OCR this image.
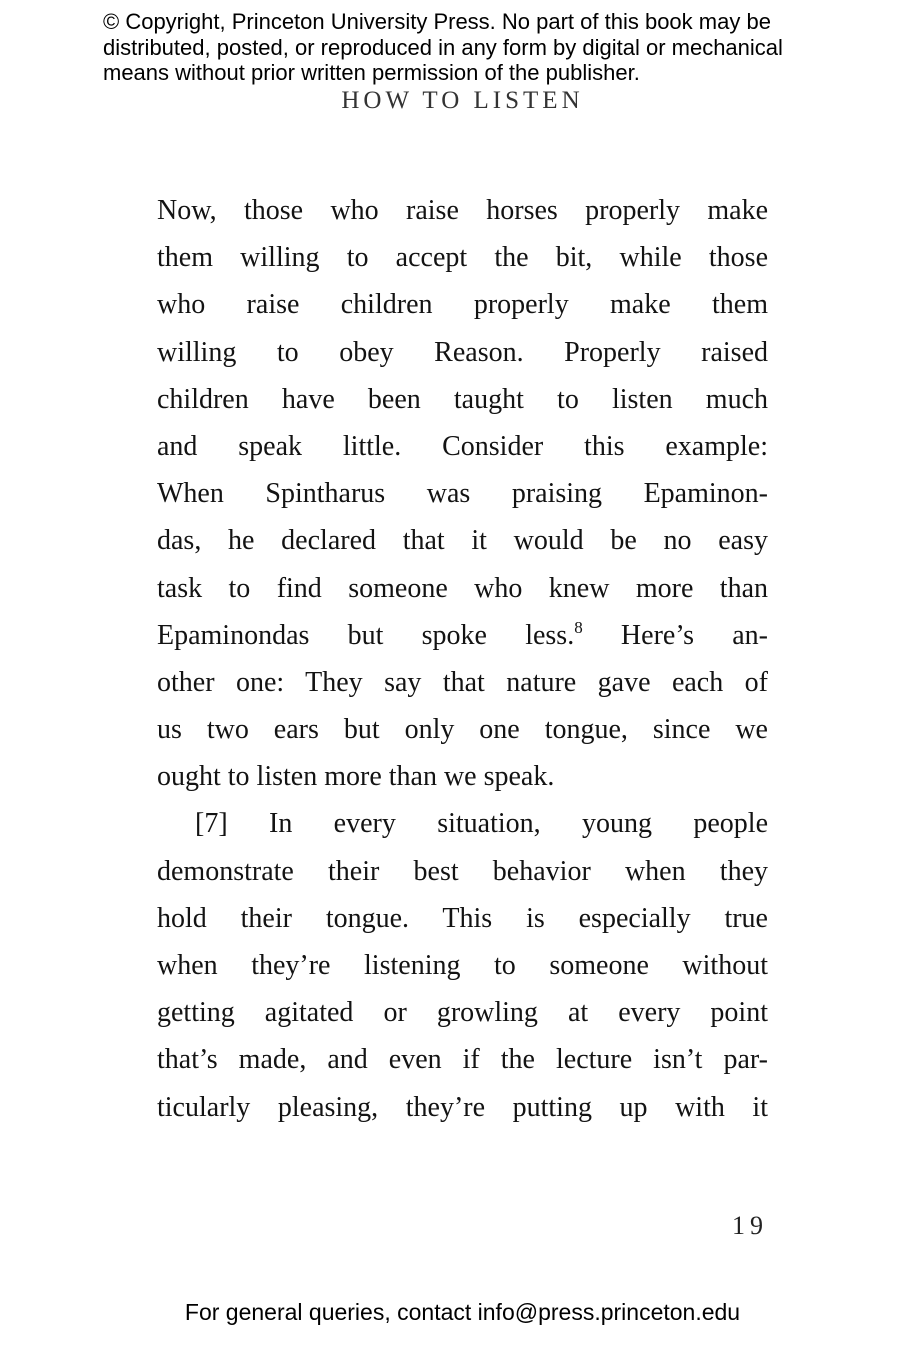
© Copyright, Princeton University Press. No part of this book may be
distributed, posted, or reproduced in any form by digital or mechanical
means without prior written permission of the publisher.
HOW TO LISTEN
Now, those who raise horses properly make
them willing to accept the bit, while those
who raise children properly make them
willing to obey Reason. Properly raised
children have been taught to listen much
and speak little. Consider this example:
When Spintharus was praising Epaminon-
das, he declared that it would be no easy
task to find someone who knew more than
Epaminondas but spoke less.$^8$ Here’s an-
other one: They say that nature gave each of
us two ears but only one tongue, since we
ought to listen more than we speak.
[7] In every situation, young people
demonstrate their best behavior when they
hold their tongue. This is especially true
when they’re listening to someone without
getting agitated or growling at every point
that’s made, and even if the lecture isn’t par-
ticularly pleasing, they’re putting up with it
19
For general queries, contact info@press.princeton.edu
